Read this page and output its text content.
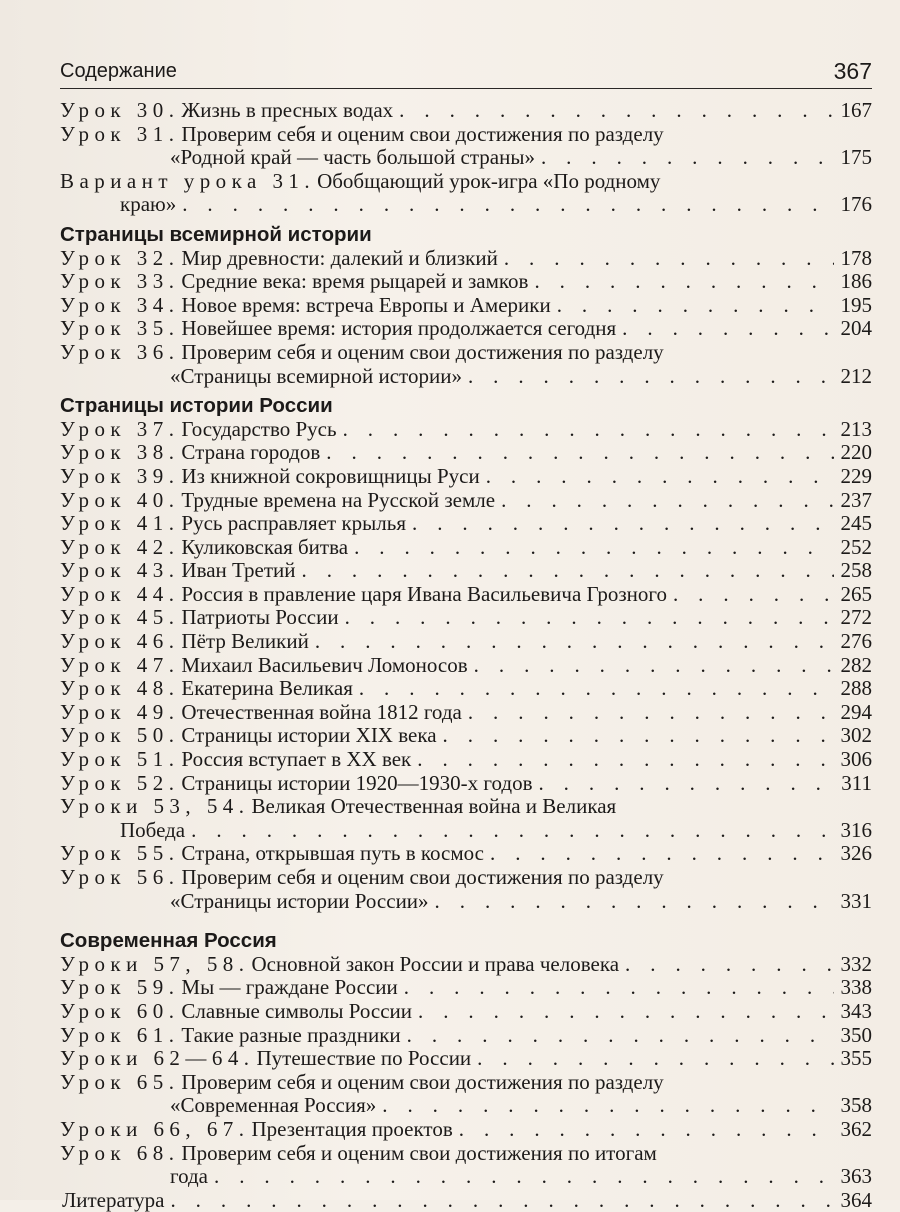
Содержание	367
Урок 30. Жизнь в пресных водах . . .	167
Урок 31. Проверим себя и оценим свои достижения по разделу
«Родной край — часть большой страны» . . .	175
Вариант урока 31. Обобщающий урок-игра «По родному
краю» . . .	176
Страницы всемирной истории
Урок 32. Мир древности: далекий и близкий . . .	178
Урок 33. Средние века: время рыцарей и замков . . .	186
Урок 34. Новое время: встреча Европы и Америки . . .	195
Урок 35. Новейшее время: история продолжается сегодня . . .	204
Урок 36. Проверим себя и оценим свои достижения по разделу
«Страницы всемирной истории» . . .	212
Страницы истории России
Урок 37. Государство Русь . . .	213
Урок 38. Страна городов . . .	220
Урок 39. Из книжной сокровищницы Руси . . .	229
Урок 40. Трудные времена на Русской земле . . .	237
Урок 41. Русь расправляет крылья . . .	245
Урок 42. Куликовская битва . . .	252
Урок 43. Иван Третий . . .	258
Урок 44. Россия в правление царя Ивана Васильевича Грозного . . .	265
Урок 45. Патриоты России . . .	272
Урок 46. Пётр Великий . . .	276
Урок 47. Михаил Васильевич Ломоносов . . .	282
Урок 48. Екатерина Великая . . .	288
Урок 49. Отечественная война 1812 года . . .	294
Урок 50. Страницы истории XIX века . . .	302
Урок 51. Россия вступает в XX век . . .	306
Урок 52. Страницы истории 1920—1930-х годов . . .	311
Уроки 53, 54. Великая Отечественная война и Великая
Победа . . .	316
Урок 55. Страна, открывшая путь в космос . . .	326
Урок 56. Проверим себя и оценим свои достижения по разделу
«Страницы истории России» . . .	331
Современная Россия
Уроки 57, 58. Основной закон России и права человека . . .	332
Урок 59. Мы — граждане России . . .	338
Урок 60. Славные символы России . . .	343
Урок 61. Такие разные праздники . . .	350
Уроки 62—64. Путешествие по России . . .	355
Урок 65. Проверим себя и оценим свои достижения по разделу
«Современная Россия» . . .	358
Уроки 66, 67. Презентация проектов . . .	362
Урок 68. Проверим себя и оценим свои достижения по итогам
года . . .	363
Литература . . .	364
